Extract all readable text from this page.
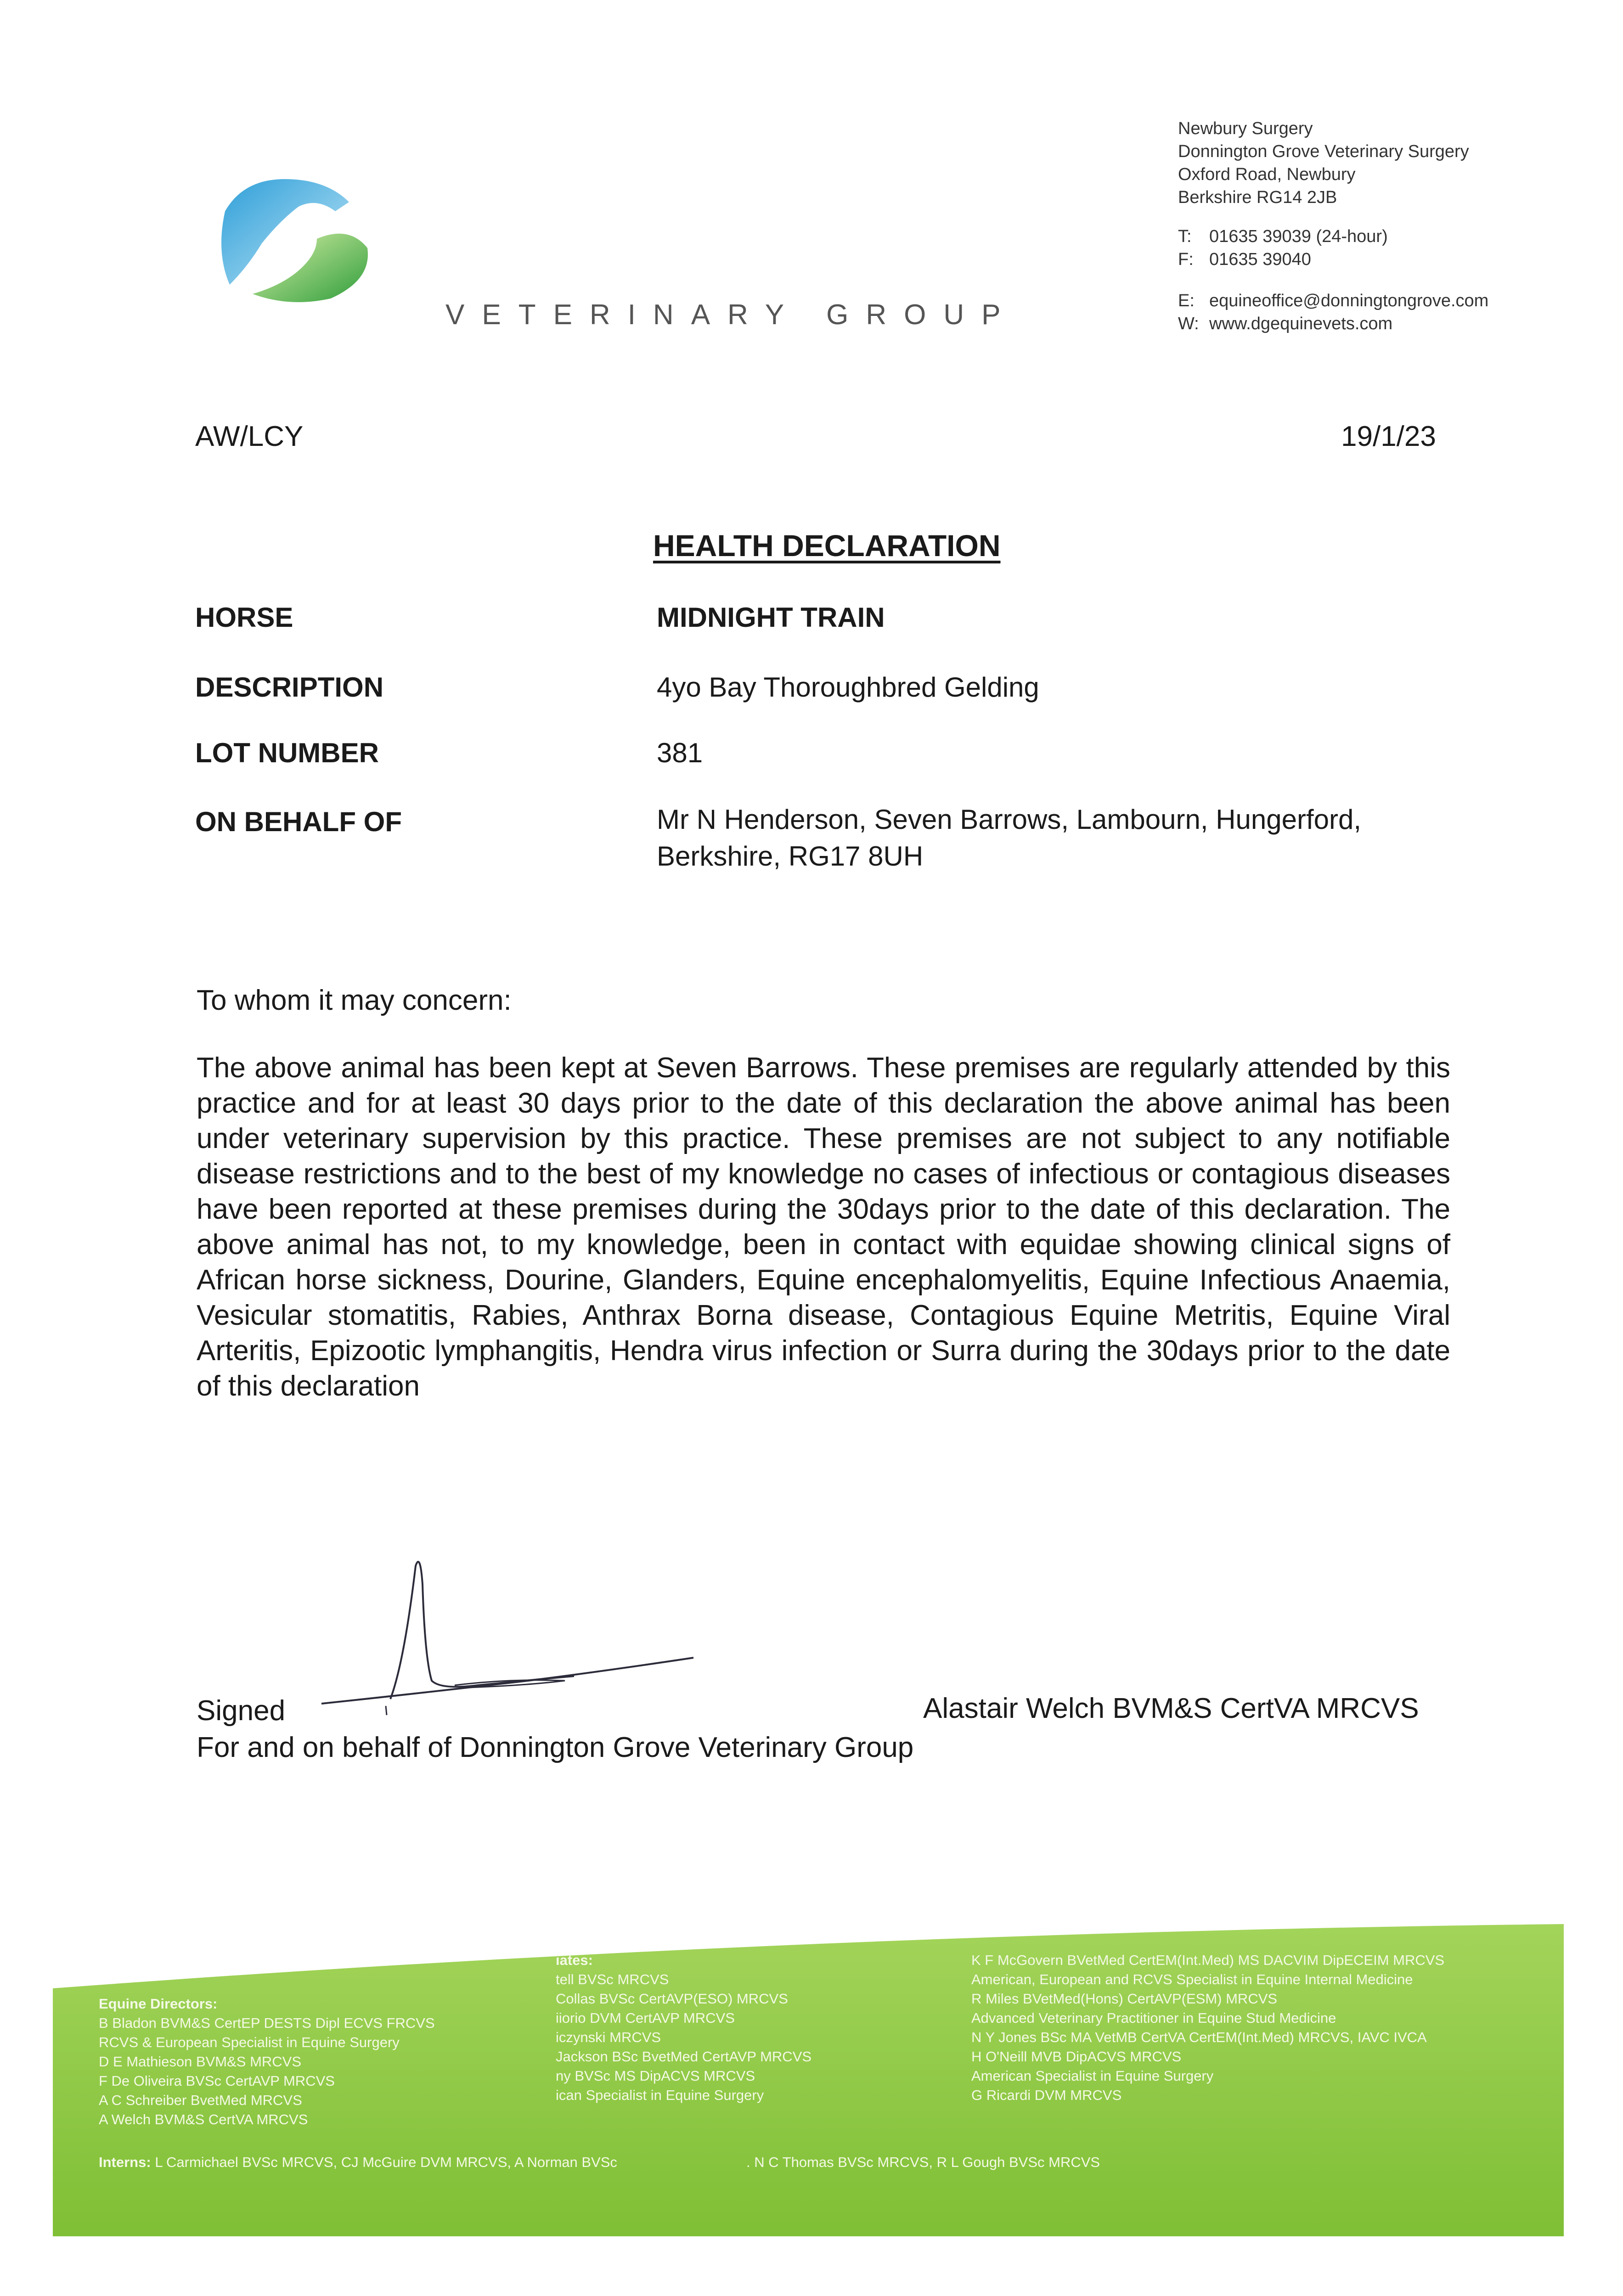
VETERINARY GROUP
Newbury Surgery
Donnington Grove Veterinary Surgery
Oxford Road, Newbury
Berkshire RG14 2JB
T: 01635 39039 (24-hour)
F: 01635 39040
E: equineoffice@donningtongrove.com
W: www.dgequinevets.com
AW/LCY	19/1/23
HEALTH DECLARATION
HORSE	MIDNIGHT TRAIN
DESCRIPTION	4yo Bay Thoroughbred Gelding
LOT NUMBER	381
ON BEHALF OF	Mr N Henderson, Seven Barrows, Lambourn, Hungerford,
Berkshire, RG17 8UH
To whom it may concern:
The above animal has been kept at Seven Barrows. These premises are regularly attended by this practice and for at least 30 days prior to the date of this declaration the above animal has been under veterinary supervision by this practice. These premises are not subject to any notifiable disease restrictions and to the best of my knowledge no cases of infectious or contagious diseases have been reported at these premises during the 30days prior to the date of this declaration. The above animal has not, to my knowledge, been in contact with equidae showing clinical signs of African horse sickness, Dourine, Glanders, Equine encephalomyelitis, Equine Infectious Anaemia, Vesicular stomatitis, Rabies, Anthrax Borna disease, Contagious Equine Metritis, Equine Viral Arteritis, Epizootic lymphangitis, Hendra virus infection or Surra during the 30days prior to the date of this declaration
Signed	Alastair Welch BVM&S CertVA MRCVS
For and on behalf of Donnington Grove Veterinary Group
Equine Directors:
B Bladon BVM&S CertEP DESTS Dipl ECVS FRCVS
RCVS & European Specialist in Equine Surgery
D E Mathieson BVM&S MRCVS
F De Oliveira BVSc CertAVP MRCVS
A C Schreiber BvetMed MRCVS
A Welch BVM&S CertVA MRCVS
iates:
tell BVSc MRCVS
Collas BVSc CertAVP(ESO) MRCVS
iiorio DVM CertAVP MRCVS
iczynski MRCVS
Jackson BSc BvetMed CertAVP MRCVS
ny BVSc MS DipACVS MRCVS
ican Specialist in Equine Surgery
K F McGovern BVetMed CertEM(Int.Med) MS DACVIM DipECEIM MRCVS
American, European and RCVS Specialist in Equine Internal Medicine
R Miles BVetMed(Hons) CertAVP(ESM) MRCVS
Advanced Veterinary Practitioner in Equine Stud Medicine
N Y Jones BSc MA VetMB CertVA CertEM(Int.Med) MRCVS, IAVC IVCA
H O'Neill MVB DipACVS MRCVS
American Specialist in Equine Surgery
G Ricardi DVM MRCVS
Interns: L Carmichael BVSc MRCVS, CJ McGuire DVM MRCVS, A Norman BVSc	. N C Thomas BVSc MRCVS, R L Gough BVSc MRCVS
